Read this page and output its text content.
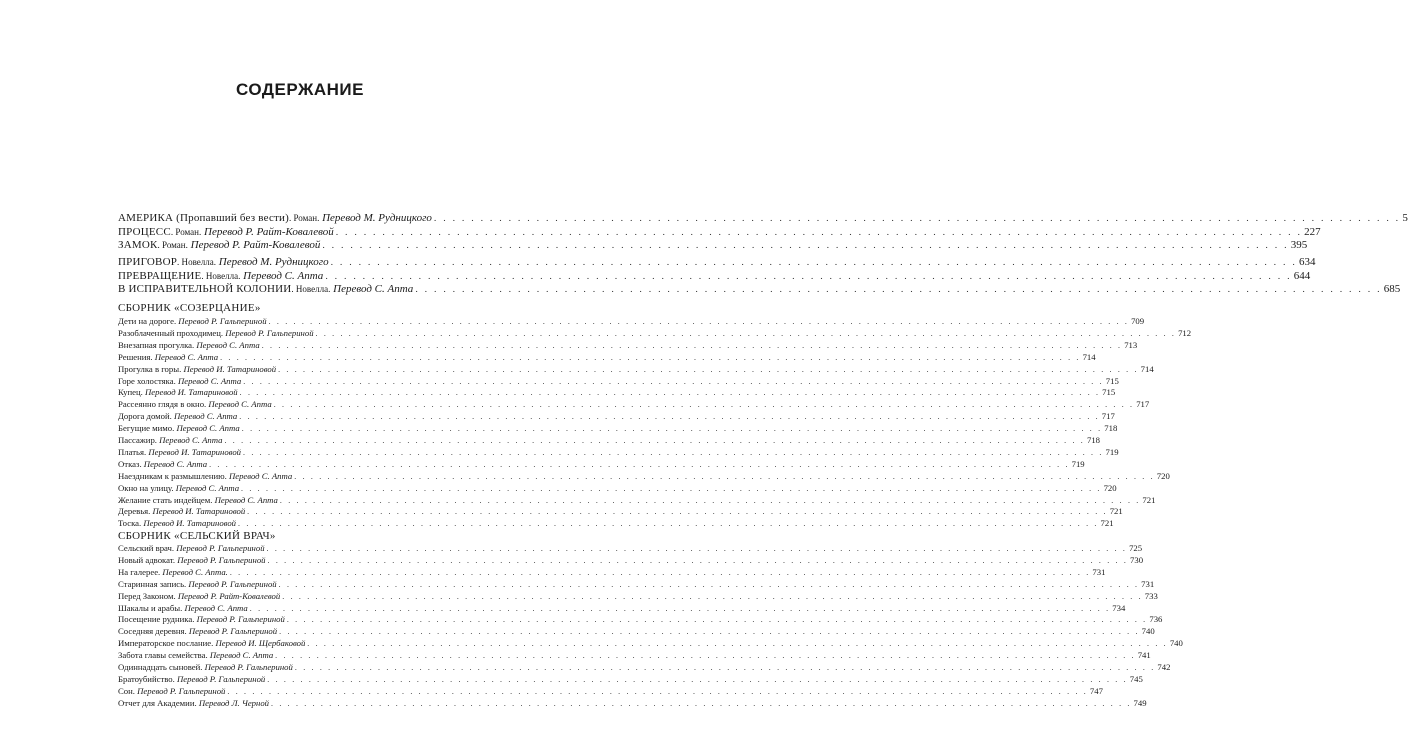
СОДЕРЖАНИЕ
АМЕРИКА (Пропавший без вести). Роман. Перевод М. Рудницкого . . .	5
ПРОЦЕСС. Роман. Перевод Р. Райт-Ковалевой . . .	227
ЗАМОК. Роман. Перевод Р. Райт-Ковалевой . . .	395
ПРИГОВОР. Новелла. Перевод М. Рудницкого . . .	634
ПРЕВРАЩЕНИЕ. Новелла. Перевод С. Апта . . .	644
В ИСПРАВИТЕЛЬНОЙ КОЛОНИИ. Новелла. Перевод С. Апта . . .	685
СБОРНИК «СОЗЕРЦАНИЕ»
Дети на дороге. Перевод Р. Гальпериной . . .	709
Разоблаченный проходимец. Перевод Р. Гальпериной . . .	712
Внезапная прогулка. Перевод С. Апта . . .	713
Решения. Перевод С. Апта . . .	714
Прогулка в горы. Перевод И. Татариновой . . .	714
Горе холостяка. Перевод С. Апта . . .	715
Купец. Перевод И. Татариновой . . .	715
Рассеянно глядя в окно. Перевод С. Апта . . .	717
Дорога домой. Перевод С. Апта . . .	717
Бегущие мимо. Перевод С. Апта . . .	718
Пассажир. Перевод С. Апта . . .	718
Платья. Перевод И. Татариновой . . .	719
Отказ. Перевод С. Апта . . .	719
Наездникам к размышлению. Перевод С. Апта . . .	720
Окно на улицу. Перевод С. Апта . . .	720
Желание стать индейцем. Перевод С. Апта . . .	721
Деревья. Перевод И. Татариновой . . .	721
Тоска. Перевод И. Татариновой . . .	721
СБОРНИК «СЕЛЬСКИЙ ВРАЧ»
Сельский врач. Перевод Р. Гальпериной . . .	725
Новый адвокат. Перевод Р. Гальпериной . . .	730
На галерее. Перевод С. Апта. . . .	731
Старинная запись. Перевод Р. Гальпериной . . .	731
Перед Законом. Перевод Р. Райт-Ковалевой . . .	733
Шакалы и арабы. Перевод С. Апта . . .	734
Посещение рудника. Перевод Р. Гальпериной . . .	736
Соседняя деревня. Перевод Р. Гальпериной . . .	740
Императорское послание. Перевод И. Щербаковой . . .	740
Забота главы семейства. Перевод С. Апта . . .	741
Одиннадцать сыновей. Перевод Р. Гальпериной . . .	742
Братоубийство. Перевод Р. Гальпериной . . .	745
Сон. Перевод Р. Гальпериной . . .	747
Отчет для Академии. Перевод Л. Черной . . .	749
